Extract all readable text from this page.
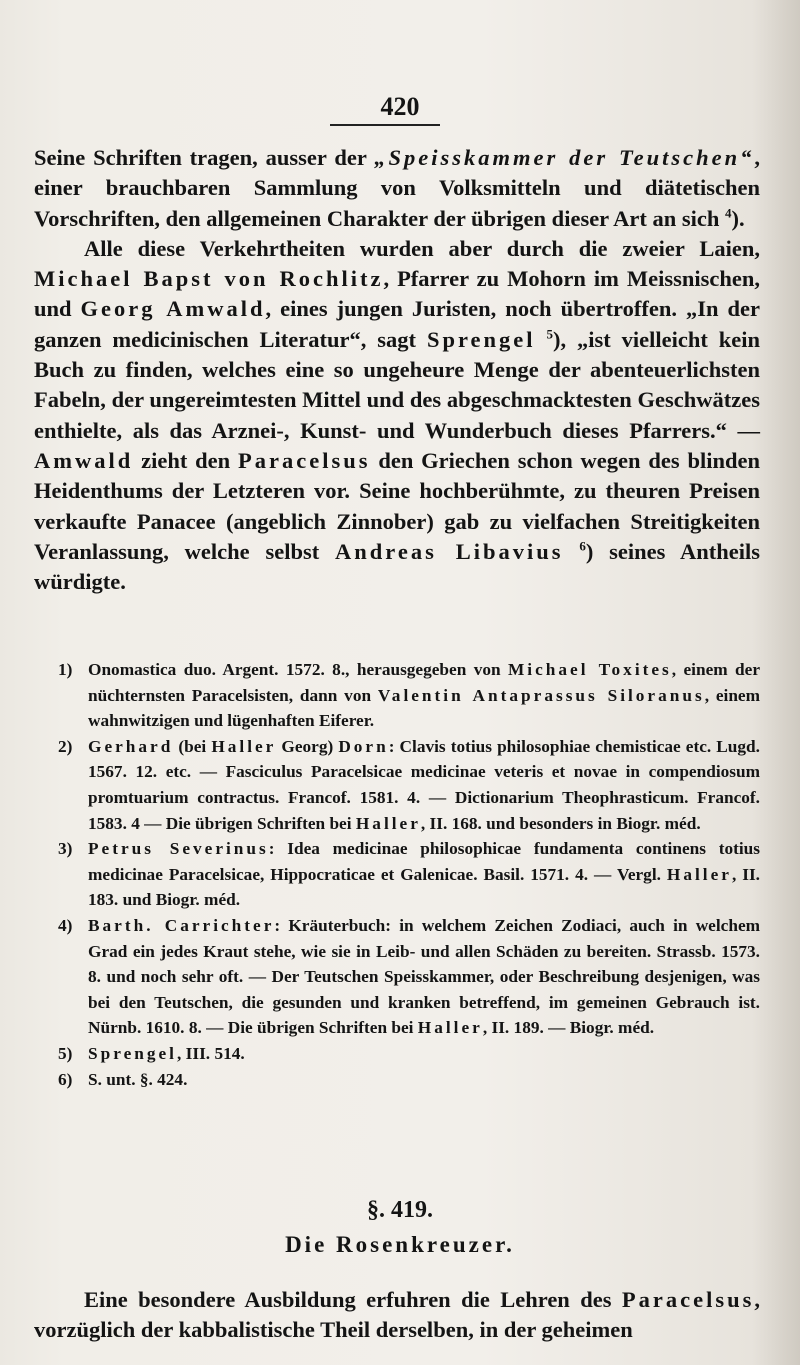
420

Seine Schriften tragen, ausser der „Speisskammer der Teutschen“, einer brauchbaren Sammlung von Volksmitteln und diätetischen Vorschriften, den allgemeinen Charakter der übrigen dieser Art an sich $^4$).

Alle diese Verkehrtheiten wurden aber durch die zweier Laien, Michael Bapst von Rochlitz, Pfarrer zu Mohorn im Meissnischen, und Georg Amwald, eines jungen Juristen, noch übertroffen. „In der ganzen medicinischen Literatur“, sagt Sprengel $^5$), „ist vielleicht kein Buch zu finden, welches eine so ungeheure Menge der abenteuerlichsten Fabeln, der ungereimtesten Mittel und des abgeschmacktesten Geschwätzes enthielte, als das Arznei-, Kunst- und Wunderbuch dieses Pfarrers.“ — Amwald zieht den Paracelsus den Griechen schon wegen des blinden Heidenthums der Letzteren vor. Seine hochberühmte, zu theuren Preisen verkaufte Panacee (angeblich Zinnober) gab zu vielfachen Streitigkeiten Veranlassung, welche selbst Andreas Libavius $^6$) seines Antheils würdigte.

1) Onomastica duo. Argent. 1572. 8., herausgegeben von Michael Toxites, einem der nüchternsten Paracelsisten, dann von Valentin Antaprassus Siloranus, einem wahnwitzigen und lügenhaften Eiferer.
2) Gerhard (bei Haller Georg) Dorn: Clavis totius philosophiae chemisticae etc. Lugd. 1567. 12. etc. — Fasciculus Paracelsicae medicinae veteris et novae in compendiosum promtuarium contractus. Francof. 1581. 4. — Dictionarium Theophrasticum. Francof. 1583. 4 — Die übrigen Schriften bei Haller, II. 168. und besonders in Biogr. méd.
3) Petrus Severinus: Idea medicinae philosophicae fundamenta continens totius medicinae Paracelsicae, Hippocraticae et Galenicae. Basil. 1571. 4. — Vergl. Haller, II. 183. und Biogr. méd.
4) Barth. Carrichter: Kräuterbuch: in welchem Zeichen Zodiaci, auch in welchem Grad ein jedes Kraut stehe, wie sie in Leib- und allen Schäden zu bereiten. Strassb. 1573. 8. und noch sehr oft. — Der Teutschen Speisskammer, oder Beschreibung desjenigen, was bei den Teutschen, die gesunden und kranken betreffend, im gemeinen Gebrauch ist. Nürnb. 1610. 8. — Die übrigen Schriften bei Haller, II. 189. — Biogr. méd.
5) Sprengel, III. 514.
6) S. unt. §. 424.
§. 419.
Die Rosenkreuzer.

Eine besondere Ausbildung erfuhren die Lehren des Paracelsus, vorzüglich der kabbalistische Theil derselben, in der geheimen
